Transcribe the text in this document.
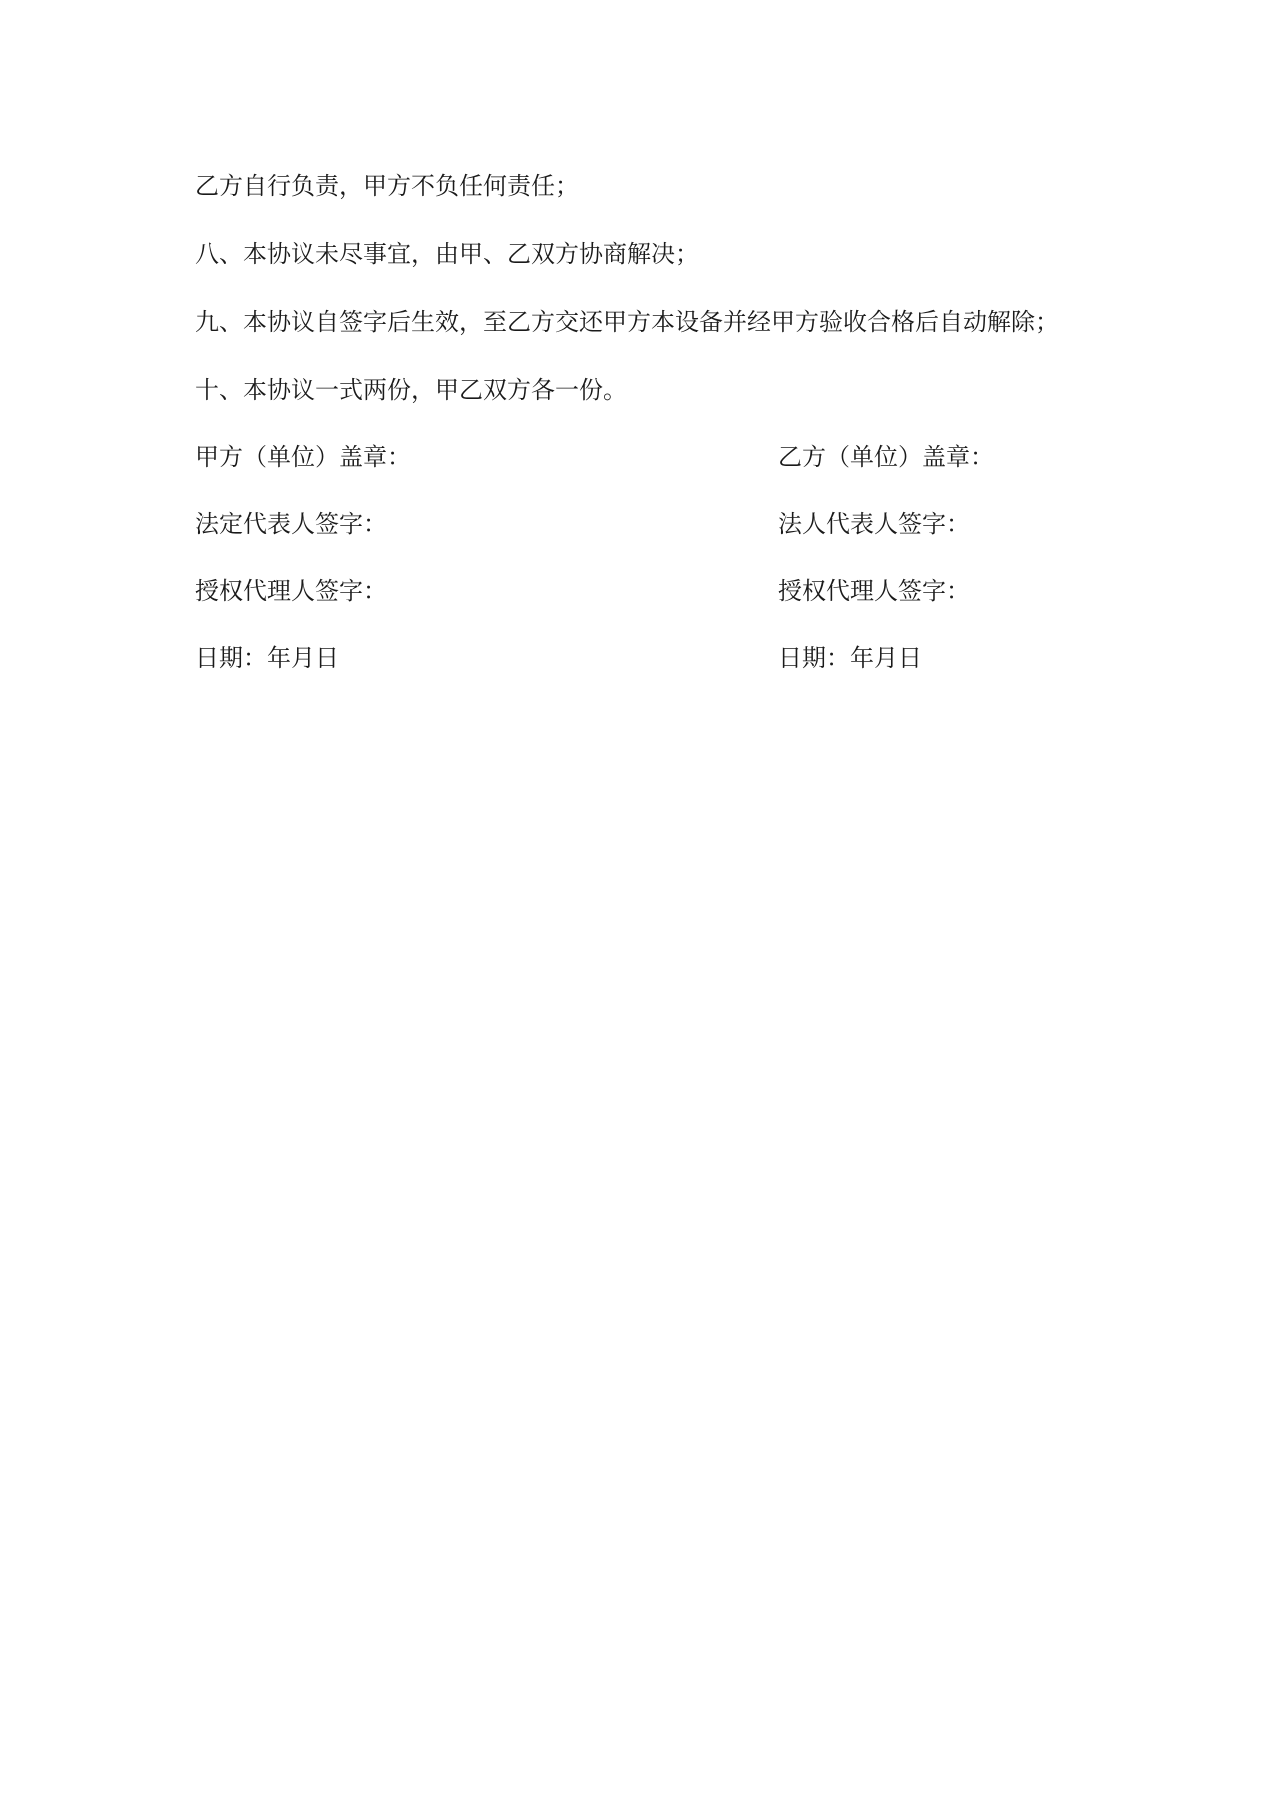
乙方自行负责，甲方不负任何责任；

八、本协议未尽事宜，由甲、乙双方协商解决；

九、本协议自签字后生效，至乙方交还甲方本设备并经甲方验收合格后自动解除；

十、本协议一式两份，甲乙双方各一份。

甲方（单位）盖章：

法定代表人签字：

授权代理人签字：

日期：年月日

乙方（单位）盖章：

法人代表人签字：

授权代理人签字：

日期：年月日
